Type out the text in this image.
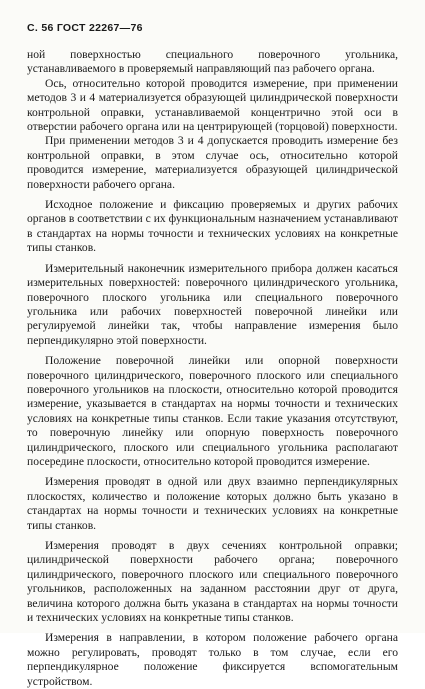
С. 56 ГОСТ 22267—76

ной поверхностью специального поверочного угольника, устанавливаемого в проверяемый направляющий паз рабочего органа.

Ось, относительно которой проводится измерение, при применении методов 3 и 4 материализуется образующей цилиндрической поверхности контрольной оправки, устанавливаемой концентрично этой оси в отверстии рабочего органа или на центрирующей (торцовой) поверхности.

При применении методов 3 и 4 допускается проводить измерение без контрольной оправки, в этом случае ось, относительно которой проводится измерение, материализуется образующей цилиндрической поверхности рабочего органа.

Исходное положение и фиксацию проверяемых и других рабочих органов в соответствии с их функциональным назначением устанавливают в стандартах на нормы точности и технических условиях на конкретные типы станков.

Измерительный наконечник измерительного прибора должен касаться измерительных поверхностей: поверочного цилиндрического угольника, поверочного плоского угольника или специального поверочного угольника или рабочих поверхностей поверочной линейки или регулируемой линейки так, чтобы направление измерения было перпендикулярно этой поверхности.

Положение поверочной линейки или опорной поверхности поверочного цилиндрического, поверочного плоского или специального поверочного угольников на плоскости, относительно которой проводится измерение, указывается в стандартах на нормы точности и технических условиях на конкретные типы станков. Если такие указания отсутствуют, то поверочную линейку или опорную поверхность поверочного цилиндрического, плоского или специального угольника располагают посередине плоскости, относительно которой проводится измерение.

Измерения проводят в одной или двух взаимно перпендикулярных плоскостях, количество и положение которых должно быть указано в стандартах на нормы точности и технических условиях на конкретные типы станков.

Измерения проводят в двух сечениях контрольной оправки; цилиндрической поверхности рабочего органа; поверочного цилиндрического, поверочного плоского или специального поверочного угольников, расположенных на заданном расстоянии друг от друга, величина которого должна быть указана в стандартах на нормы точности и технических условиях на конкретные типы станков.

Измерения в направлении, в котором положение рабочего органа можно регулировать, проводят только в том случае, если его перпендикулярное положение фиксируется вспомогательным устройством.
